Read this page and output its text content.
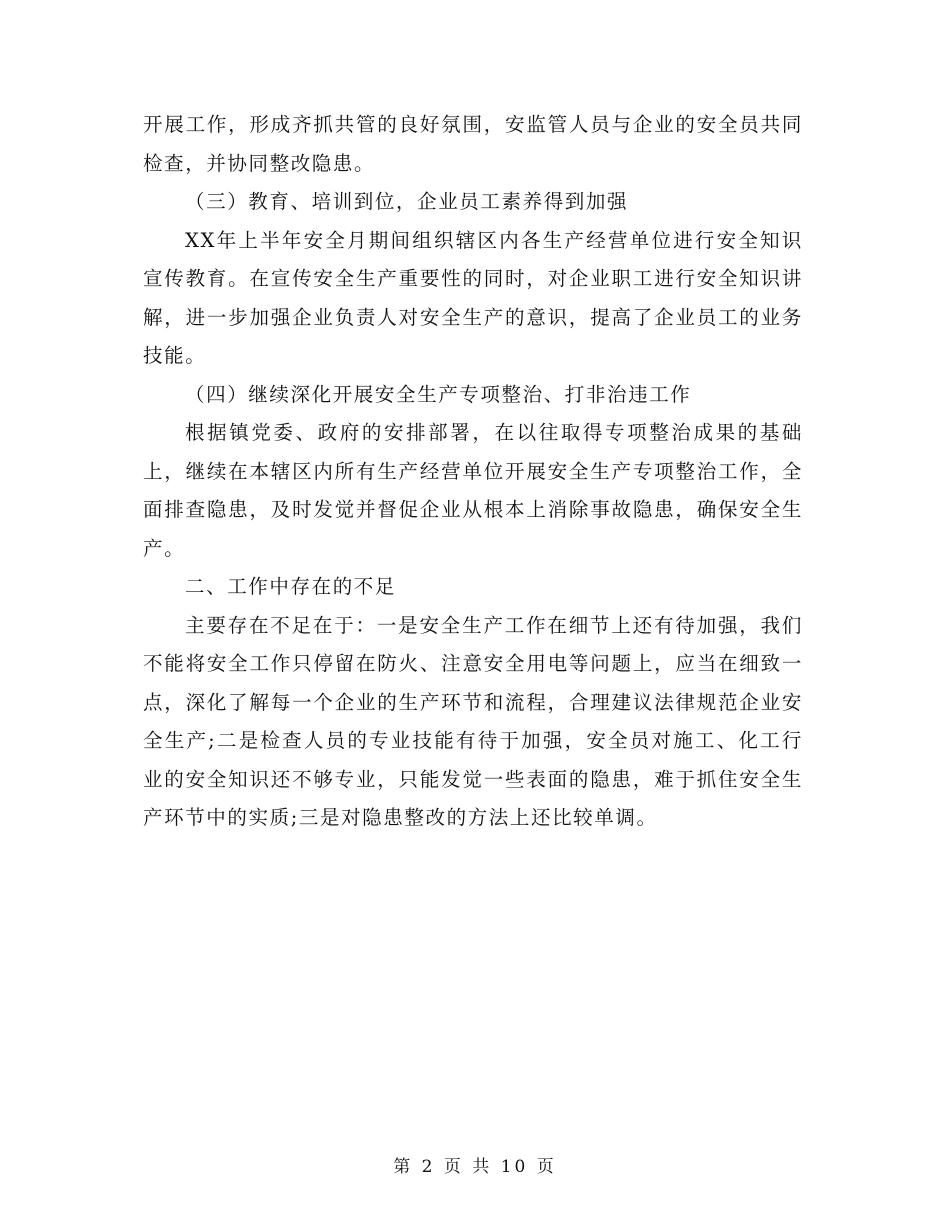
开展工作，形成齐抓共管的良好氛围，安监管人员与企业的安全员共同检查，并协同整改隐患。

（三）教育、培训到位，企业员工素养得到加强

XX年上半年安全月期间组织辖区内各生产经营单位进行安全知识宣传教育。在宣传安全生产重要性的同时，对企业职工进行安全知识讲解，进一步加强企业负责人对安全生产的意识，提高了企业员工的业务技能。

（四）继续深化开展安全生产专项整治、打非治违工作

根据镇党委、政府的安排部署，在以往取得专项整治成果的基础上，继续在本辖区内所有生产经营单位开展安全生产专项整治工作，全面排查隐患，及时发觉并督促企业从根本上消除事故隐患，确保安全生产。

二、工作中存在的不足

主要存在不足在于：一是安全生产工作在细节上还有待加强，我们不能将安全工作只停留在防火、注意安全用电等问题上，应当在细致一点，深化了解每一个企业的生产环节和流程，合理建议法律规范企业安全生产;二是检查人员的专业技能有待于加强，安全员对施工、化工行业的安全知识还不够专业，只能发觉一些表面的隐患，难于抓住安全生产环节中的实质;三是对隐患整改的方法上还比较单调。

第 2 页 共 10 页
